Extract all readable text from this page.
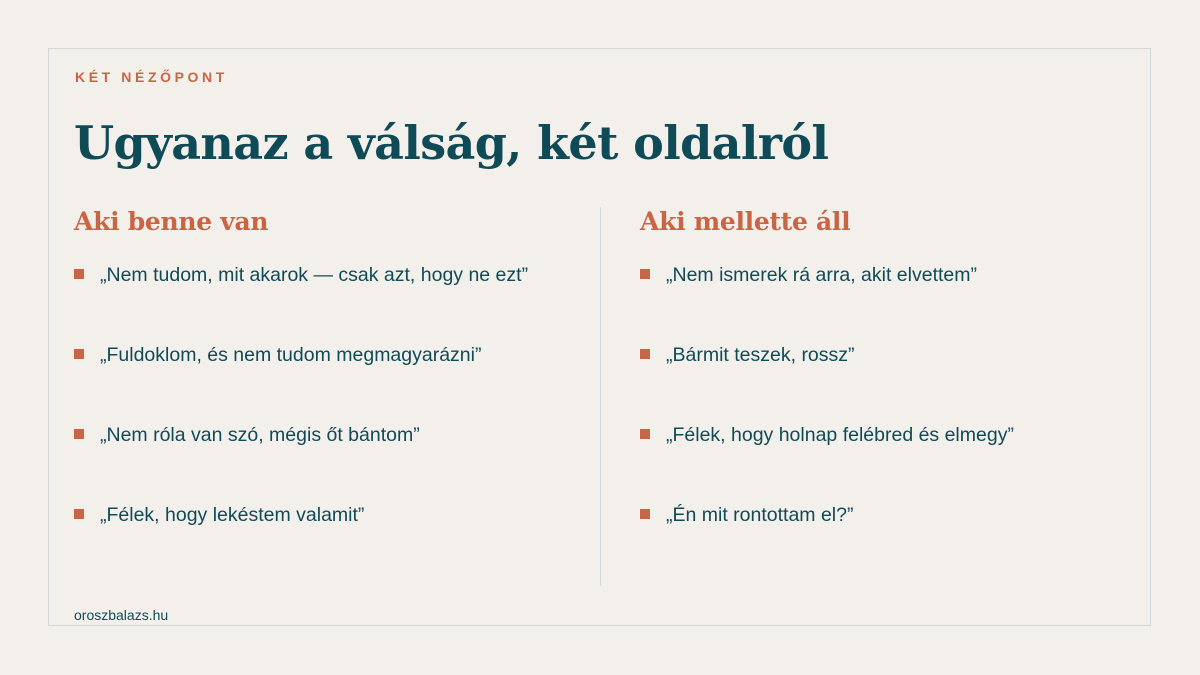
KÉT NÉZŐPONT

Ugyanaz a válság, két oldalról
Aki benne van
„Nem tudom, mit akarok — csak azt, hogy ne ezt”
„Fuldoklom, és nem tudom megmagyarázni”
„Nem róla van szó, mégis őt bántom”
„Félek, hogy lekéstem valamit”
Aki mellette áll
„Nem ismerek rá arra, akit elvettem”
„Bármit teszek, rossz”
„Félek, hogy holnap felébred és elmegy”
„Én mit rontottam el?”

oroszbalazs.hu
